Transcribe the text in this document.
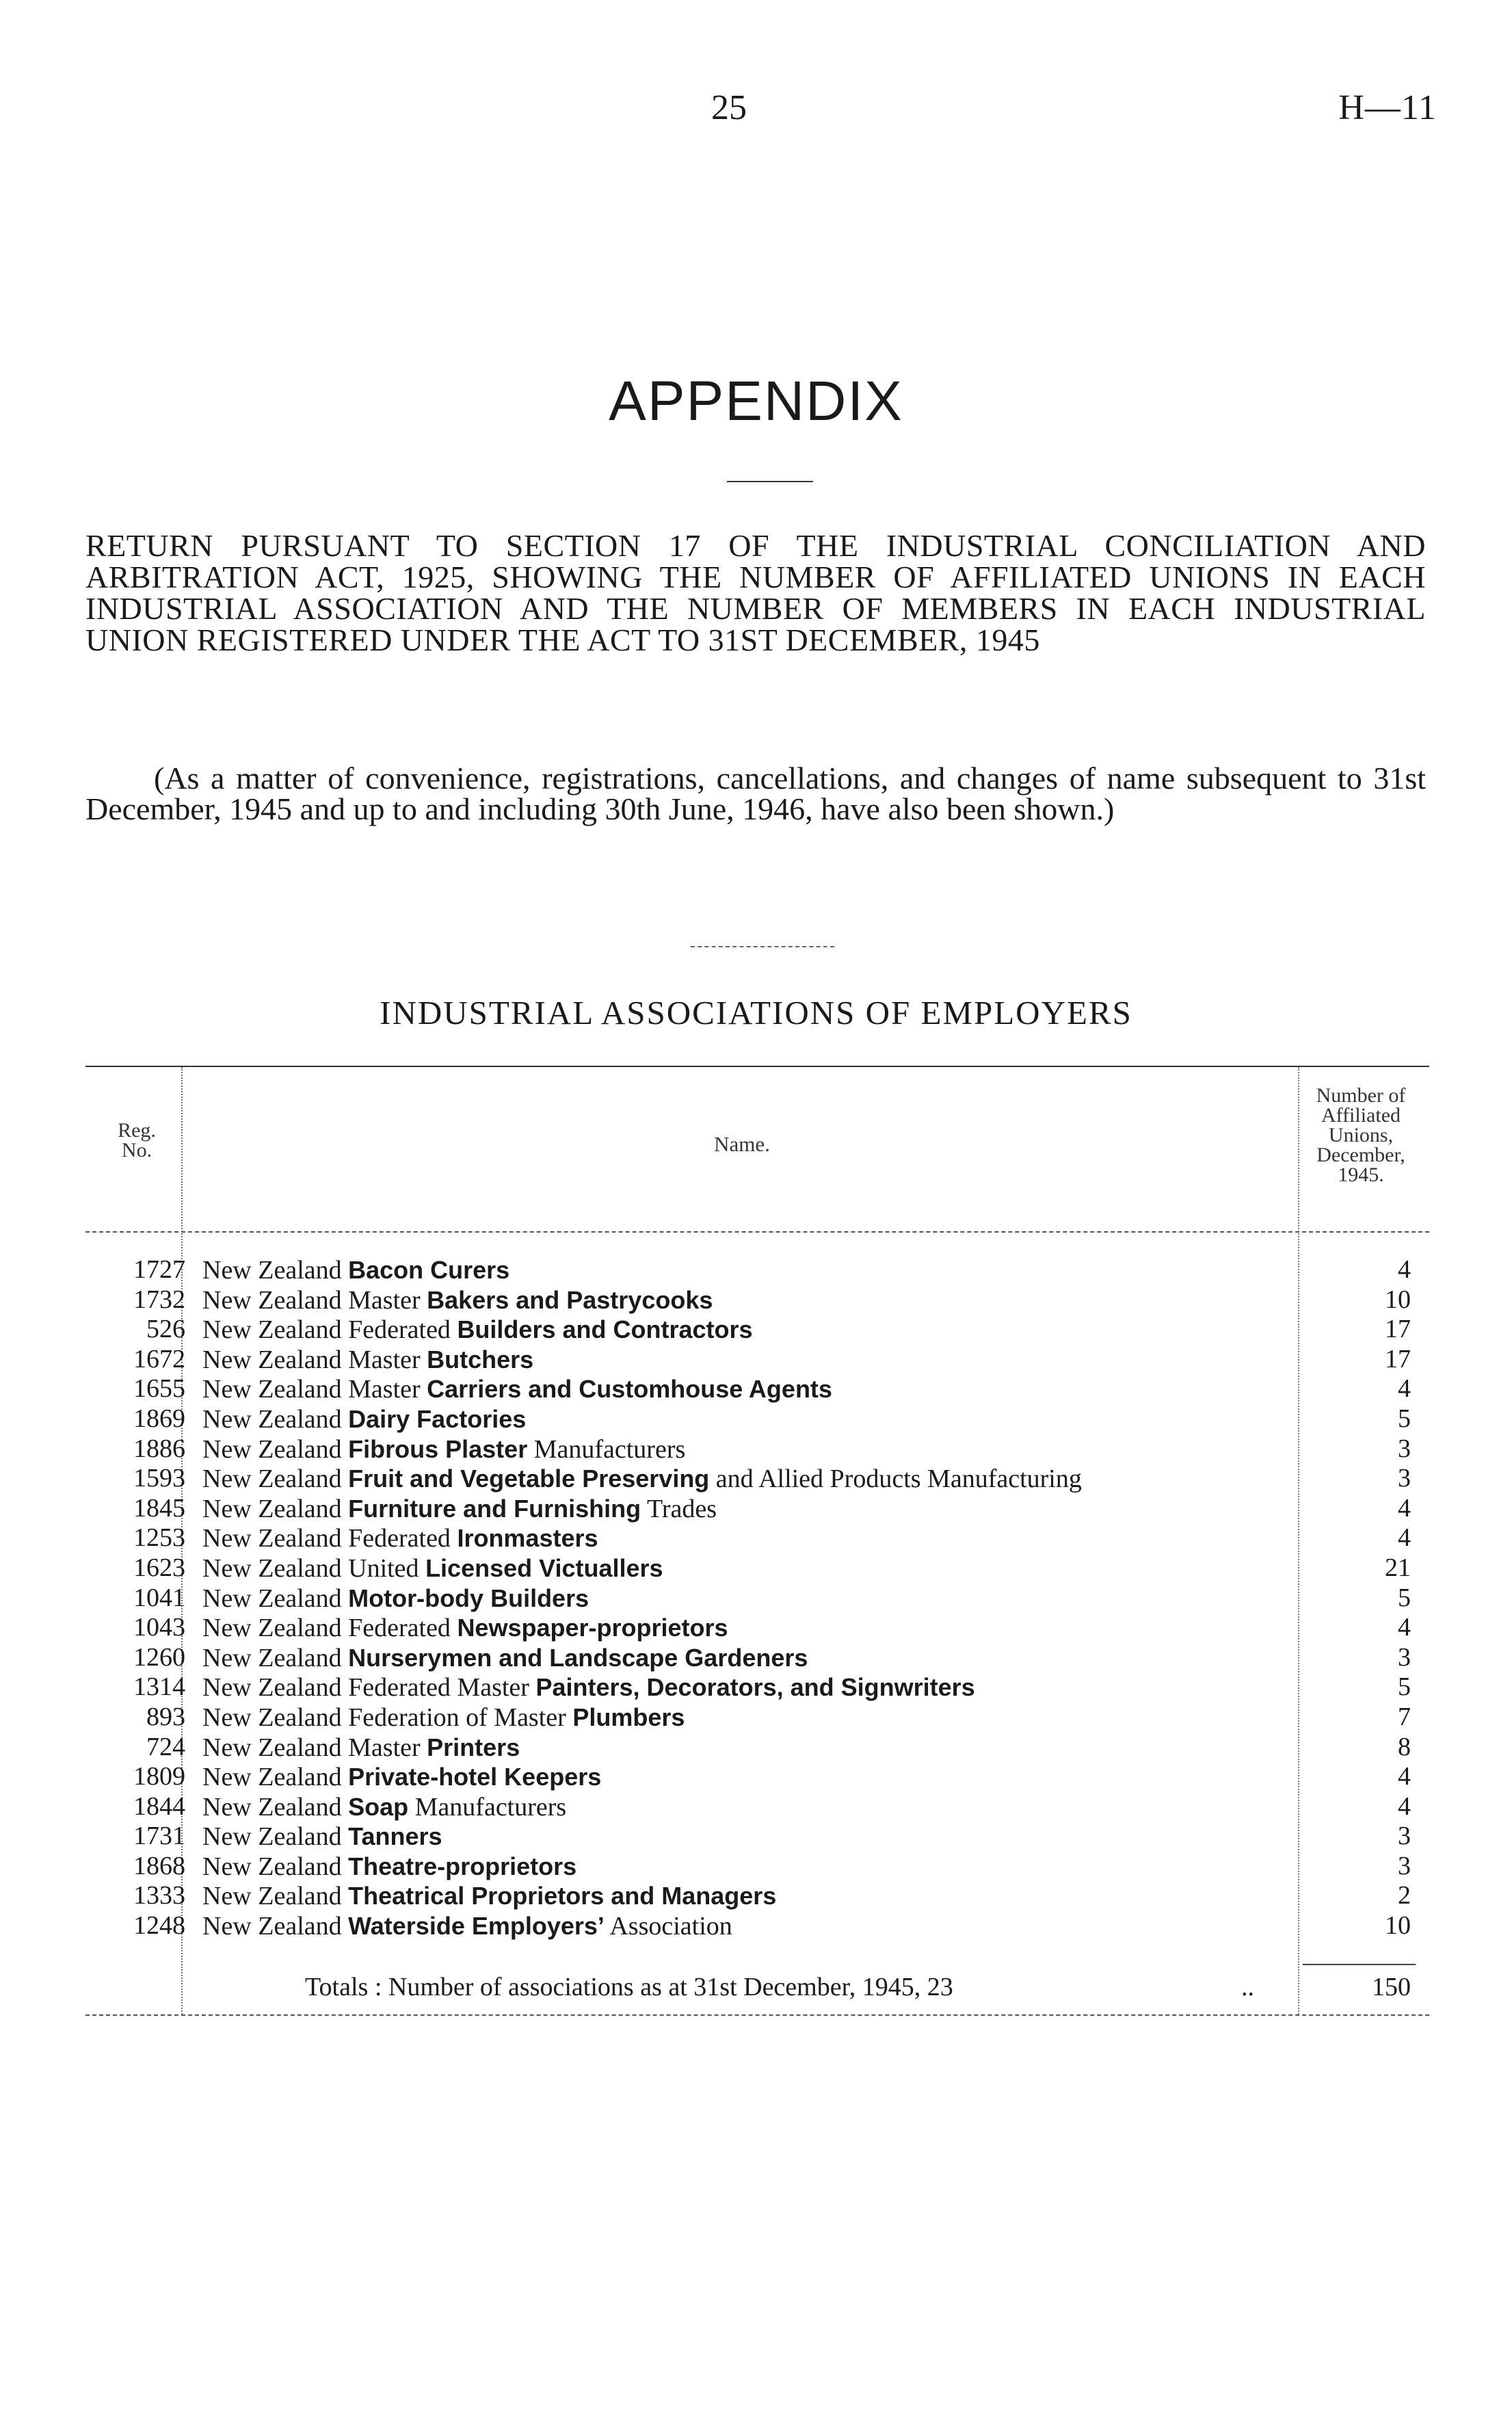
25	H—11
APPENDIX
RETURN PURSUANT TO SECTION 17 OF THE INDUSTRIAL CONCILIATION AND ARBITRATION ACT, 1925, SHOWING THE NUMBER OF AFFILIATED UNIONS IN EACH INDUSTRIAL ASSOCIATION AND THE NUMBER OF MEMBERS IN EACH INDUSTRIAL UNION REGISTERED UNDER THE ACT TO 31ST DECEMBER, 1945
(As a matter of convenience, registrations, cancellations, and changes of name subsequent to 31st December, 1945 and up to and including 30th June, 1946, have also been shown.)
INDUSTRIAL ASSOCIATIONS OF EMPLOYERS
Reg.
No.	Name.
Number of
Affiliated
Unions,
December,
1945.
1727 New Zealand Bacon Curers	4
1732 New Zealand Master Bakers and Pastrycooks	10
526 New Zealand Federated Builders and Contractors	17
1672 New Zealand Master Butchers	17
1655 New Zealand Master Carriers and Customhouse Agents	4
1869 New Zealand Dairy Factories	5
1886 New Zealand Fibrous Plaster Manufacturers	3
1593 New Zealand Fruit and Vegetable Preserving and Allied Products Manufacturing	3
1845 New Zealand Furniture and Furnishing Trades	4
1253 New Zealand Federated Ironmasters	4
1623 New Zealand United Licensed Victuallers	21
1041 New Zealand Motor-body Builders	5
1043 New Zealand Federated Newspaper-proprietors	4
1260 New Zealand Nurserymen and Landscape Gardeners	3
1314 New Zealand Federated Master Painters, Decorators, and Signwriters	5
893 New Zealand Federation of Master Plumbers	7
724 New Zealand Master Printers	8
1809 New Zealand Private-hotel Keepers	4
1844 New Zealand Soap Manufacturers	4
1731 New Zealand Tanners	3
1868 New Zealand Theatre-proprietors	3
1333 New Zealand Theatrical Proprietors and Managers	2
1248 New Zealand Waterside Employers’ Association	10
Totals : Number of associations as at 31st December, 1945, 23	..	150
